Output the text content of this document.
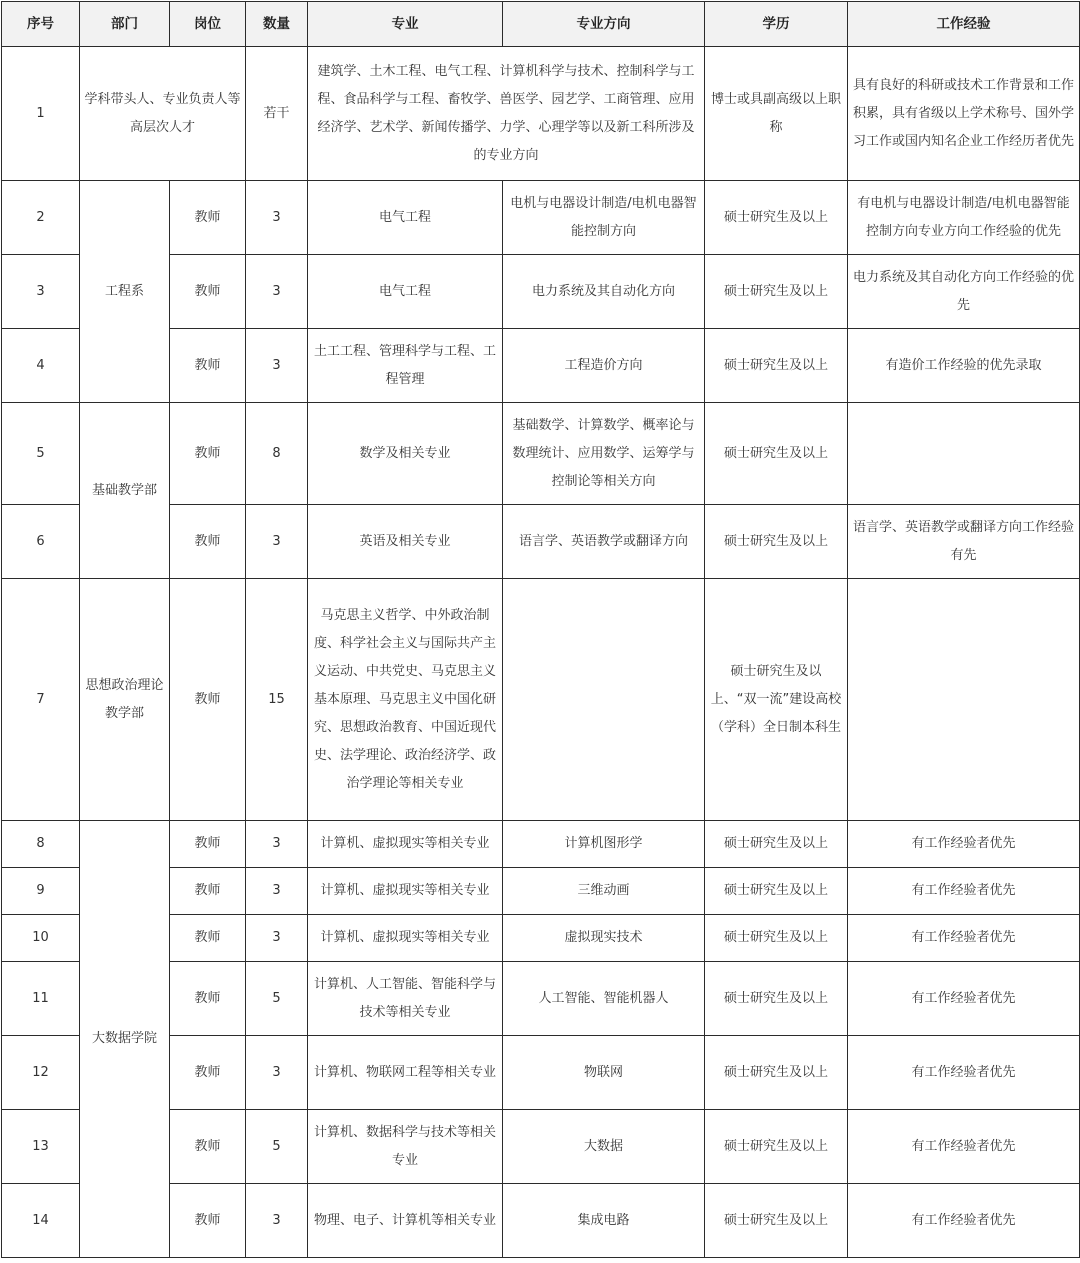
序号	部门	岗位	数量	专业	专业方向	学历	工作经验
1	学科带头人、专业负责人等高层次人才		若干	建筑学、土木工程、电气工程、计算机科学与技术、控制科学与工程、食品科学与工程、畜牧学、兽医学、园艺学、工商管理、应用经济学、艺术学、新闻传播学、力学、心理学等以及新工科所涉及的专业方向		博士或具副高级以上职称	具有良好的科研或技术工作背景和工作积累，具有省级以上学术称号、国外学习工作或国内知名企业工作经历者优先
2	工程系	教师	3	电气工程	电机与电器设计制造/电机电器智能控制方向	硕士研究生及以上	有电机与电器设计制造/电机电器智能控制方向专业方向工作经验的优先
3		教师	3	电气工程	电力系统及其自动化方向	硕士研究生及以上	电力系统及其自动化方向工作经验的优先
4		教师	3	土工工程、管理科学与工程、工程管理	工程造价方向	硕士研究生及以上	有造价工作经验的优先录取
5	基础教学部	教师	8	数学及相关专业	基础数学、计算数学、概率论与数理统计、应用数学、运筹学与控制论等相关方向	硕士研究生及以上	
6		教师	3	英语及相关专业	语言学、英语教学或翻译方向	硕士研究生及以上	语言学、英语教学或翻译方向工作经验有先
7	思想政治理论教学部	教师	15	马克思主义哲学、中外政治制度、科学社会主义与国际共产主义运动、中共党史、马克思主义基本原理、马克思主义中国化研究、思想政治教育、中国近现代史、法学理论、政治经济学、政治学理论等相关专业		硕士研究生及以上、“双一流”建设高校（学科）全日制本科生	
8	大数据学院	教师	3	计算机、虚拟现实等相关专业	计算机图形学	硕士研究生及以上	有工作经验者优先
9		教师	3	计算机、虚拟现实等相关专业	三维动画	硕士研究生及以上	有工作经验者优先
10		教师	3	计算机、虚拟现实等相关专业	虚拟现实技术	硕士研究生及以上	有工作经验者优先
11		教师	5	计算机、人工智能、智能科学与技术等相关专业	人工智能、智能机器人	硕士研究生及以上	有工作经验者优先
12		教师	3	计算机、物联网工程等相关专业	物联网	硕士研究生及以上	有工作经验者优先
13		教师	5	计算机、数据科学与技术等相关专业	大数据	硕士研究生及以上	有工作经验者优先
14		教师	3	物理、电子、计算机等相关专业	集成电路	硕士研究生及以上	有工作经验者优先
